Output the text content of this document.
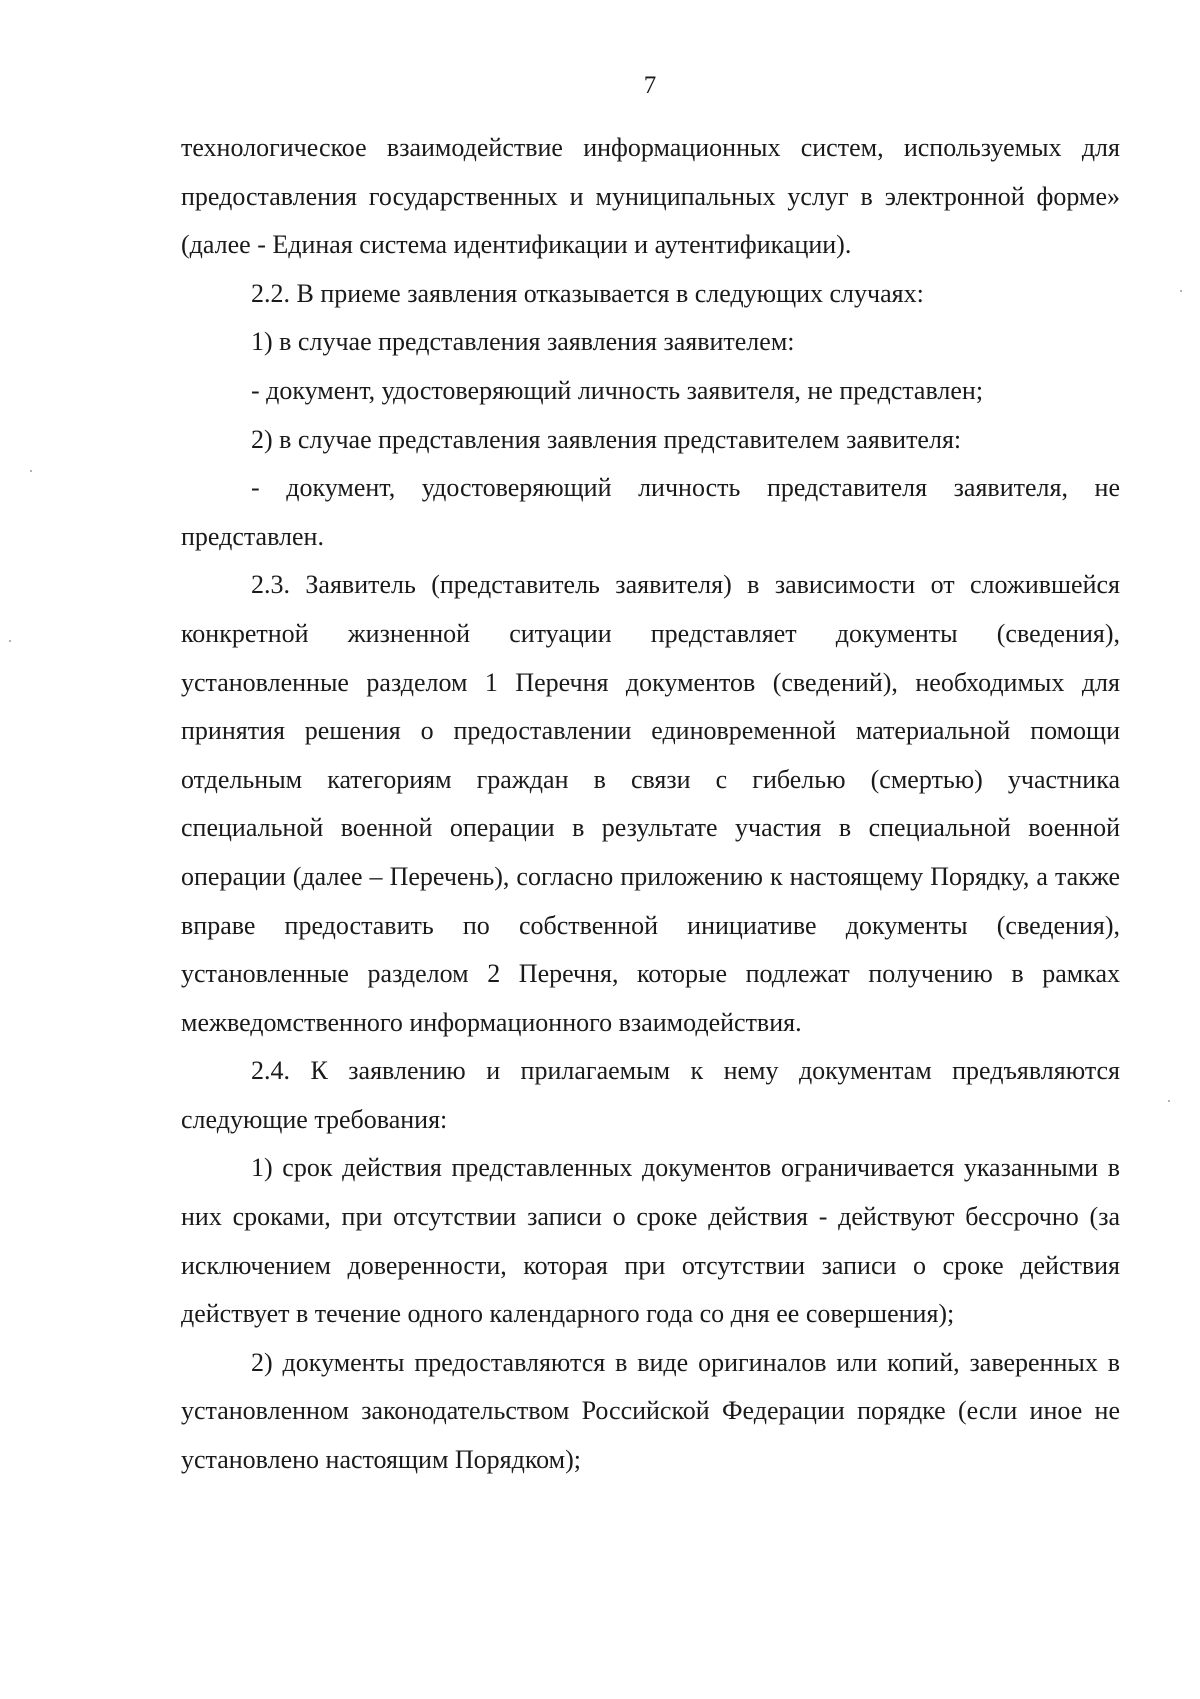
7

технологическое взаимодействие информационных систем, используемых для предоставления государственных и муниципальных услуг в электронной форме» (далее - Единая система идентификации и аутентификации).

2.2. В приеме заявления отказывается в следующих случаях:

1) в случае представления заявления заявителем:

- документ, удостоверяющий личность заявителя, не представлен;

2) в случае представления заявления представителем заявителя:

- документ, удостоверяющий личность представителя заявителя, не представлен.

2.3. Заявитель (представитель заявителя) в зависимости от сложившейся конкретной жизненной ситуации представляет документы (сведения), установленные разделом 1 Перечня документов (сведений), необходимых для принятия решения о предоставлении единовременной материальной помощи отдельным категориям граждан в связи с гибелью (смертью) участника специальной военной операции в результате участия в специальной военной операции (далее – Перечень), согласно приложению к настоящему Порядку, а также вправе предоставить по собственной инициативе документы (сведения), установленные разделом 2 Перечня, которые подлежат получению в рамках межведомственного информационного взаимодействия.

2.4. К заявлению и прилагаемым к нему документам предъявляются следующие требования:

1) срок действия представленных документов ограничивается указанными в них сроками, при отсутствии записи о сроке действия - действуют бессрочно (за исключением доверенности, которая при отсутствии записи о сроке действия действует в течение одного календарного года со дня ее совершения);

2) документы предоставляются в виде оригиналов или копий, заверенных в установленном законодательством Российской Федерации порядке (если иное не установлено настоящим Порядком);
